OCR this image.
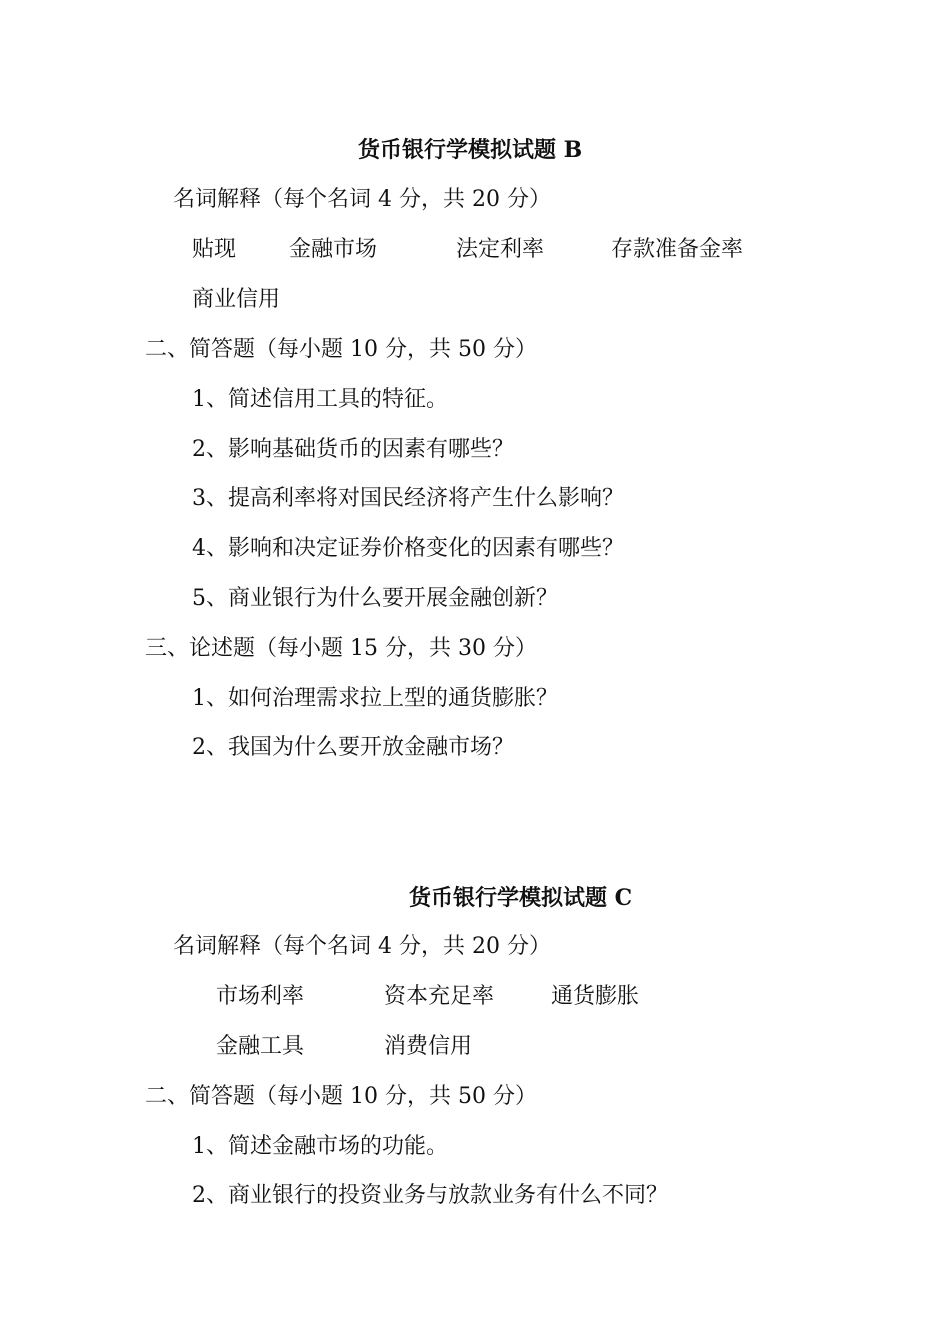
货币银行学模拟试题 B
名词解释（每个名词 4 分，共 20 分）
贴现 金融市场	法定利率	存款准备金率
商业信用
二、简答题（每小题 10 分，共 50 分）
1、简述信用工具的特征。
2、影响基础货币的因素有哪些？
3、提高利率将对国民经济将产生什么影响？
4、影响和决定证券价格变化的因素有哪些？
5、商业银行为什么要开展金融创新？
三、论述题（每小题 15 分，共 30 分）
1、如何治理需求拉上型的通货膨胀？
2、我国为什么要开放金融市场？
货币银行学模拟试题 C
名词解释（每个名词 4 分，共 20 分）
市场利率	资本充足率	通货膨胀
金融工具	消费信用
二、简答题（每小题 10 分，共 50 分）
1、简述金融市场的功能。
2、商业银行的投资业务与放款业务有什么不同？
